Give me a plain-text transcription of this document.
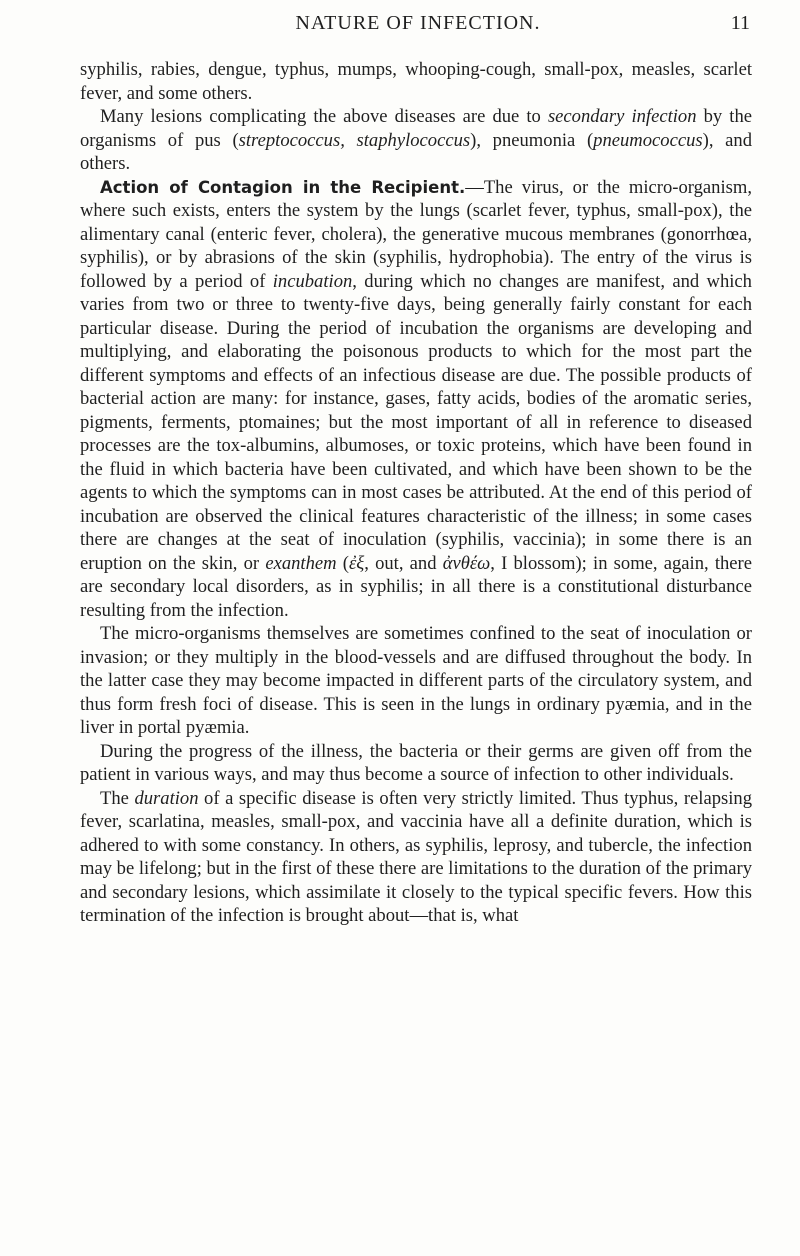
NATURE OF INFECTION.	11

syphilis, rabies, dengue, typhus, mumps, whooping-cough, small-pox, measles, scarlet fever, and some others.

Many lesions complicating the above diseases are due to secondary infection by the organisms of pus (streptococcus, staphylococcus), pneumonia (pneumococcus), and others.

Action of Contagion in the Recipient.—The virus, or the micro-organism, where such exists, enters the system by the lungs (scarlet fever, typhus, small-pox), the alimentary canal (enteric fever, cholera), the generative mucous membranes (gonorrhœa, syphilis), or by abrasions of the skin (syphilis, hydrophobia). The entry of the virus is followed by a period of incubation, during which no changes are manifest, and which varies from two or three to twenty-five days, being generally fairly constant for each particular disease. During the period of incubation the organisms are developing and multiplying, and elaborating the poisonous products to which for the most part the different symptoms and effects of an infectious disease are due. The possible products of bacterial action are many: for instance, gases, fatty acids, bodies of the aromatic series, pigments, ferments, ptomaines; but the most important of all in reference to diseased processes are the tox-albumins, albumoses, or toxic proteins, which have been found in the fluid in which bacteria have been cultivated, and which have been shown to be the agents to which the symptoms can in most cases be attributed. At the end of this period of incubation are observed the clinical features characteristic of the illness; in some cases there are changes at the seat of inoculation (syphilis, vaccinia); in some there is an eruption on the skin, or exanthem (ἐξ, out, and ἀνθέω, I blossom); in some, again, there are secondary local disorders, as in syphilis; in all there is a constitutional disturbance resulting from the infection.

The micro-organisms themselves are sometimes confined to the seat of inoculation or invasion; or they multiply in the blood-vessels and are diffused throughout the body. In the latter case they may become impacted in different parts of the circulatory system, and thus form fresh foci of disease. This is seen in the lungs in ordinary pyæmia, and in the liver in portal pyæmia.

During the progress of the illness, the bacteria or their germs are given off from the patient in various ways, and may thus become a source of infection to other individuals.

The duration of a specific disease is often very strictly limited. Thus typhus, relapsing fever, scarlatina, measles, small-pox, and vaccinia have all a definite duration, which is adhered to with some constancy. In others, as syphilis, leprosy, and tubercle, the infection may be lifelong; but in the first of these there are limitations to the duration of the primary and secondary lesions, which assimilate it closely to the typical specific fevers. How this termination of the infection is brought about—that is, what
